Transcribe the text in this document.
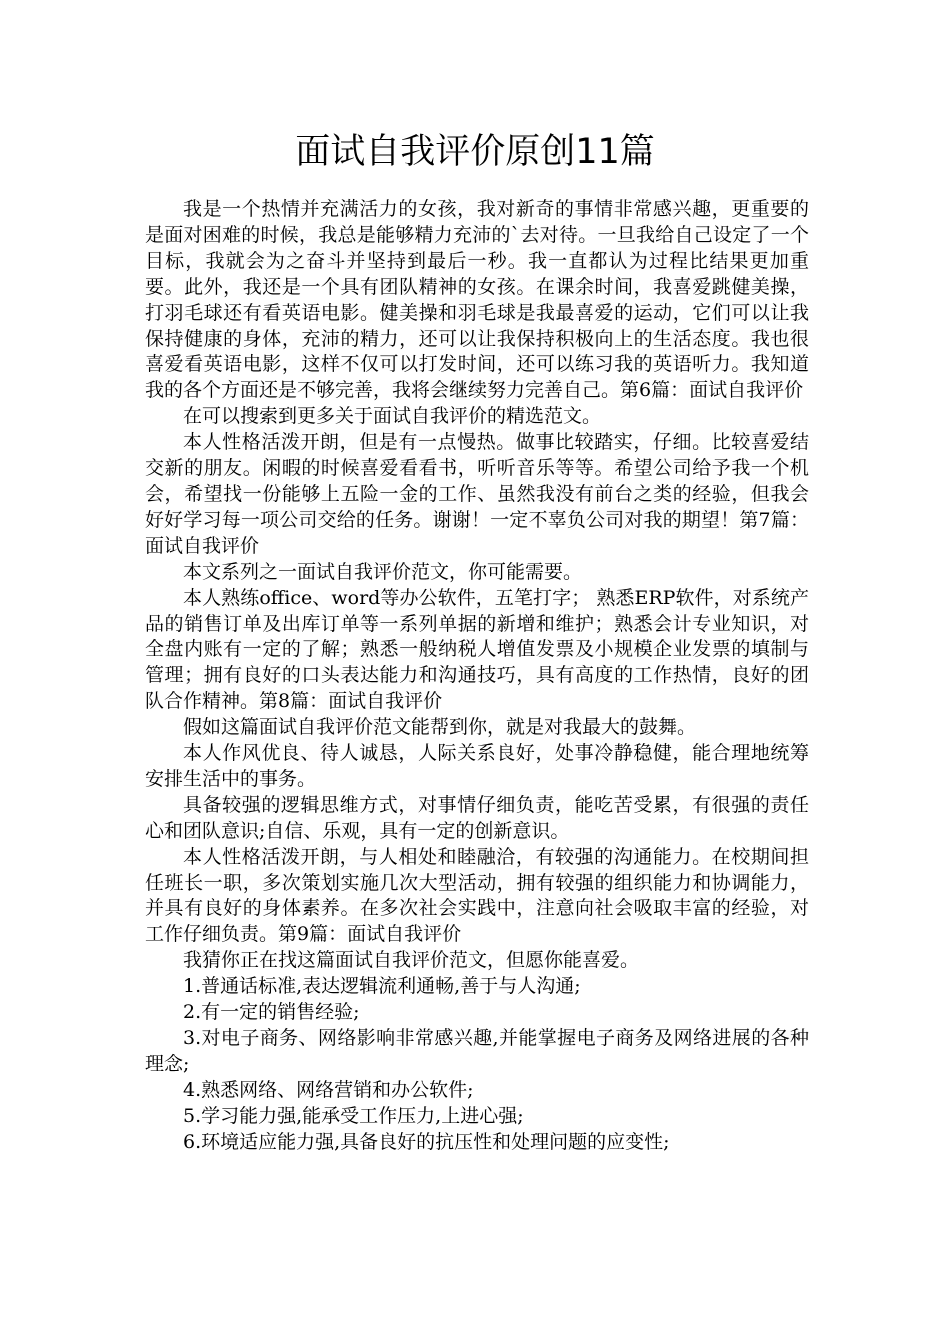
面试自我评价原创11篇

我是一个热情并充满活力的女孩，我对新奇的事情非常感兴趣，更重要的是面对困难的时候，我总是能够精力充沛的`去对待。一旦我给自己设定了一个目标，我就会为之奋斗并坚持到最后一秒。我一直都认为过程比结果更加重要。此外，我还是一个具有团队精神的女孩。在课余时间，我喜爱跳健美操，打羽毛球还有看英语电影。健美操和羽毛球是我最喜爱的运动，它们可以让我保持健康的身体，充沛的精力，还可以让我保持积极向上的生活态度。我也很喜爱看英语电影，这样不仅可以打发时间，还可以练习我的英语听力。我知道我的各个方面还是不够完善，我将会继续努力完善自己。第6篇：面试自我评价

在可以搜索到更多关于面试自我评价的精选范文。

本人性格活泼开朗，但是有一点慢热。做事比较踏实，仔细。比较喜爱结交新的朋友。闲暇的时候喜爱看看书，听听音乐等等。希望公司给予我一个机会，希望找一份能够上五险一金的工作、虽然我没有前台之类的经验，但我会好好学习每一项公司交给的任务。谢谢！一定不辜负公司对我的期望！第7篇：面试自我评价

本文系列之一面试自我评价范文，你可能需要。

本人熟练office、word等办公软件，五笔打字； 熟悉ERP软件，对系统产品的销售订单及出库订单等一系列单据的新增和维护；熟悉会计专业知识，对全盘内账有一定的了解；熟悉一般纳税人增值发票及小规模企业发票的填制与管理；拥有良好的口头表达能力和沟通技巧，具有高度的工作热情，良好的团队合作精神。第8篇：面试自我评价

假如这篇面试自我评价范文能帮到你，就是对我最大的鼓舞。

本人作风优良、待人诚恳，人际关系良好，处事冷静稳健，能合理地统筹安排生活中的事务。

具备较强的逻辑思维方式，对事情仔细负责，能吃苦受累，有很强的责任心和团队意识;自信、乐观，具有一定的创新意识。

本人性格活泼开朗，与人相处和睦融洽，有较强的沟通能力。在校期间担任班长一职，多次策划实施几次大型活动，拥有较强的组织能力和协调能力，并具有良好的身体素养。在多次社会实践中，注意向社会吸取丰富的经验，对工作仔细负责。第9篇：面试自我评价

我猜你正在找这篇面试自我评价范文，但愿你能喜爱。

1.普通话标准,表达逻辑流利通畅,善于与人沟通;

2.有一定的销售经验;

3.对电子商务、网络影响非常感兴趣,并能掌握电子商务及网络进展的各种理念;

4.熟悉网络、网络营销和办公软件;

5.学习能力强,能承受工作压力,上进心强;

6.环境适应能力强,具备良好的抗压性和处理问题的应变性;
